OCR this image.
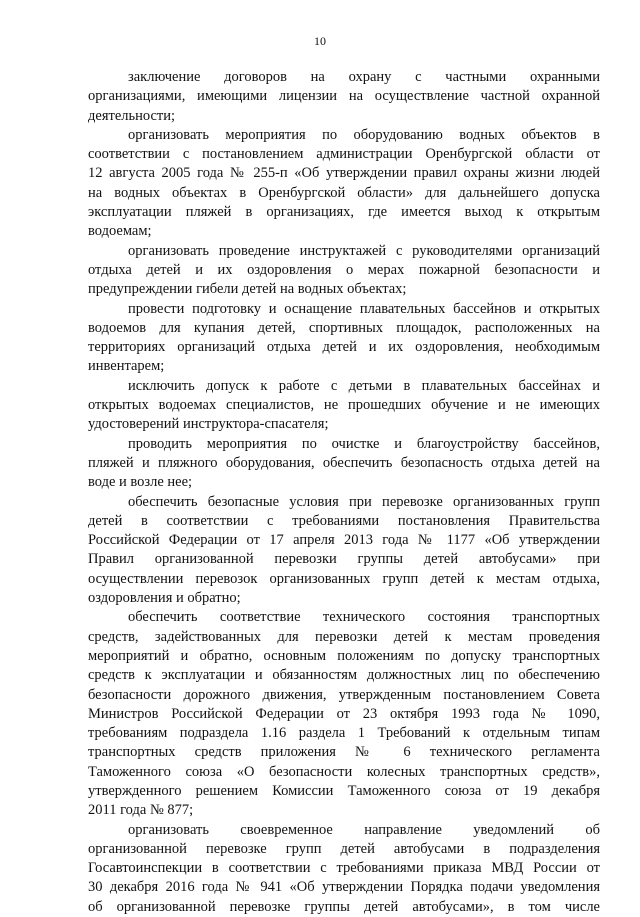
10
заключение договоров на охрану с частными охранными
организациями, имеющими лицензии на осуществление частной охранной
деятельности;
организовать мероприятия по оборудованию водных объектов в
соответствии с постановлением администрации Оренбургской области от
12 августа 2005 года № 255-п «Об утверждении правил охраны жизни людей
на водных объектах в Оренбургской области» для дальнейшего допуска
эксплуатации пляжей в организациях, где имеется выход к открытым
водоемам;
организовать проведение инструктажей с руководителями организаций
отдыха детей и их оздоровления о мерах пожарной безопасности и
предупреждении гибели детей на водных объектах;
провести подготовку и оснащение плавательных бассейнов и открытых
водоемов для купания детей, спортивных площадок, расположенных на
территориях организаций отдыха детей и их оздоровления, необходимым
инвентарем;
исключить допуск к работе с детьми в плавательных бассейнах и
открытых водоемах специалистов, не прошедших обучение и не имеющих
удостоверений инструктора-спасателя;
проводить мероприятия по очистке и благоустройству бассейнов,
пляжей и пляжного оборудования, обеспечить безопасность отдыха детей на
воде и возле нее;
обеспечить безопасные условия при перевозке организованных групп
детей в соответствии с требованиями постановления Правительства
Российской Федерации от 17 апреля 2013 года № 1177 «Об утверждении
Правил организованной перевозки группы детей автобусами» при
осуществлении перевозок организованных групп детей к местам отдыха,
оздоровления и обратно;
обеспечить соответствие технического состояния транспортных
средств, задействованных для перевозки детей к местам проведения
мероприятий и обратно, основным положениям по допуску транспортных
средств к эксплуатации и обязанностям должностных лиц по обеспечению
безопасности дорожного движения, утвержденным постановлением Совета
Министров Российской Федерации от 23 октября 1993 года № 1090,
требованиям подраздела 1.16 раздела 1 Требований к отдельным типам
транспортных средств приложения № 6 технического регламента
Таможенного союза «О безопасности колесных транспортных средств»,
утвержденного решением Комиссии Таможенного союза от 19 декабря
2011 года № 877;
организовать своевременное направление уведомлений об
организованной перевозке групп детей автобусами в подразделения
Госавтоинспекции в соответствии с требованиями приказа МВД России от
30 декабря 2016 года № 941 «Об утверждении Порядка подачи уведомления
об организованной перевозке группы детей автобусами», в том числе
